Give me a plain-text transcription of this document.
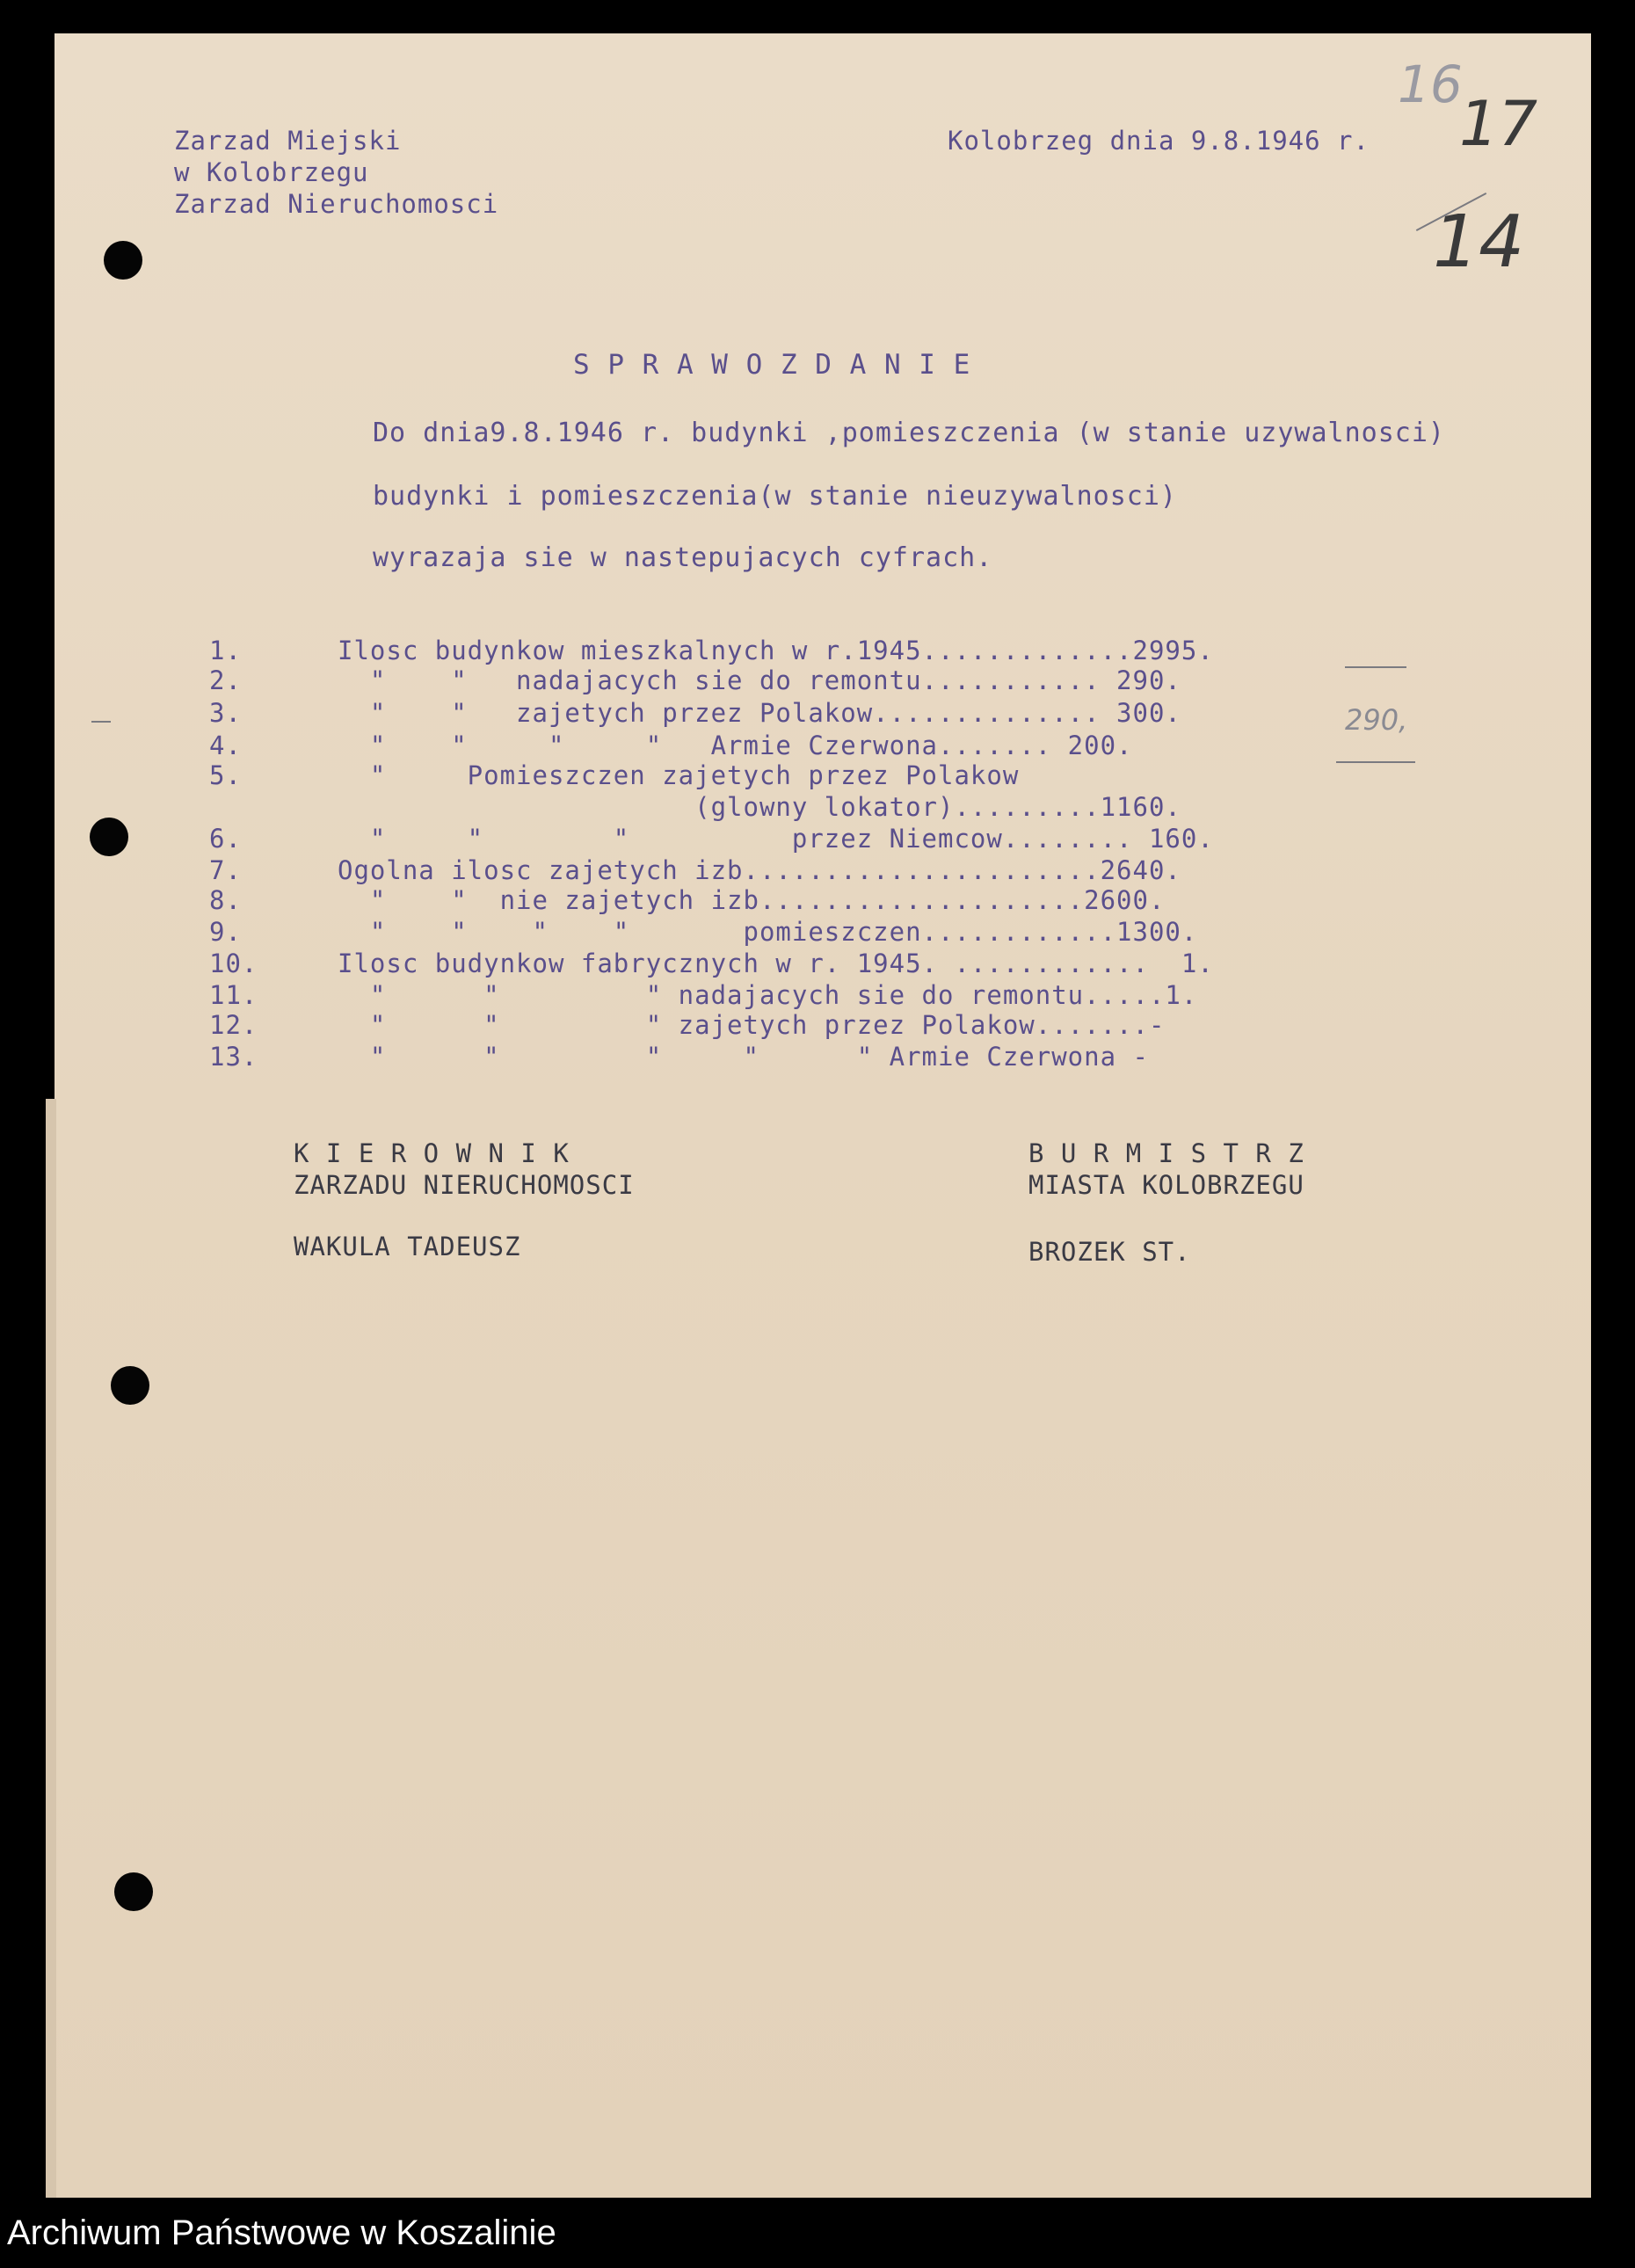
Zarzad Miejski
w Kolobrzegu
Zarzad Nieruchomosci
Kolobrzeg dnia 9.8.1946 r.
16
17
14
S P R A W O Z D A N I E
Do dnia9.8.1946 r. budynki ,pomieszczenia (w stanie uzywalnosci)
budynki i pomieszczenia(w stanie nieuzywalnosci)
wyrazaja sie w nastepujacych cyfrach.
1.	Ilosc budynkow mieszkalnych w r.1945.............2995.
2.	"    "   nadajacych sie do remontu........... 290.
3.	"    "   zajetych przez Polakow.............. 300.
4.	"    "     "     "   Armie Czerwona....... 200.
5.	"     Pomieszczen zajetych przez Polakow
(glowny lokator).........1160.
6.	"     "        "          przez Niemcow........ 160.
7.	Ogolna ilosc zajetych izb......................2640.
8.	"    "  nie zajetych izb....................2600.
9.	"    "    "    "       pomieszczen............1300.
10.	Ilosc budynkow fabrycznych w r. 1945. ............  1.
11.	"      "         " nadajacych sie do remontu.....1.
12.	"      "         " zajetych przez Polakow.......-
13.	"      "         "     "      " Armie Czerwona -
290,
K I E R O W N I K
ZARZADU NIERUCHOMOSCI
WAKULA TADEUSZ
B U R M I S T R Z
MIASTA KOLOBRZEGU
BROZEK ST.
Archiwum Państwowe w Koszalinie
